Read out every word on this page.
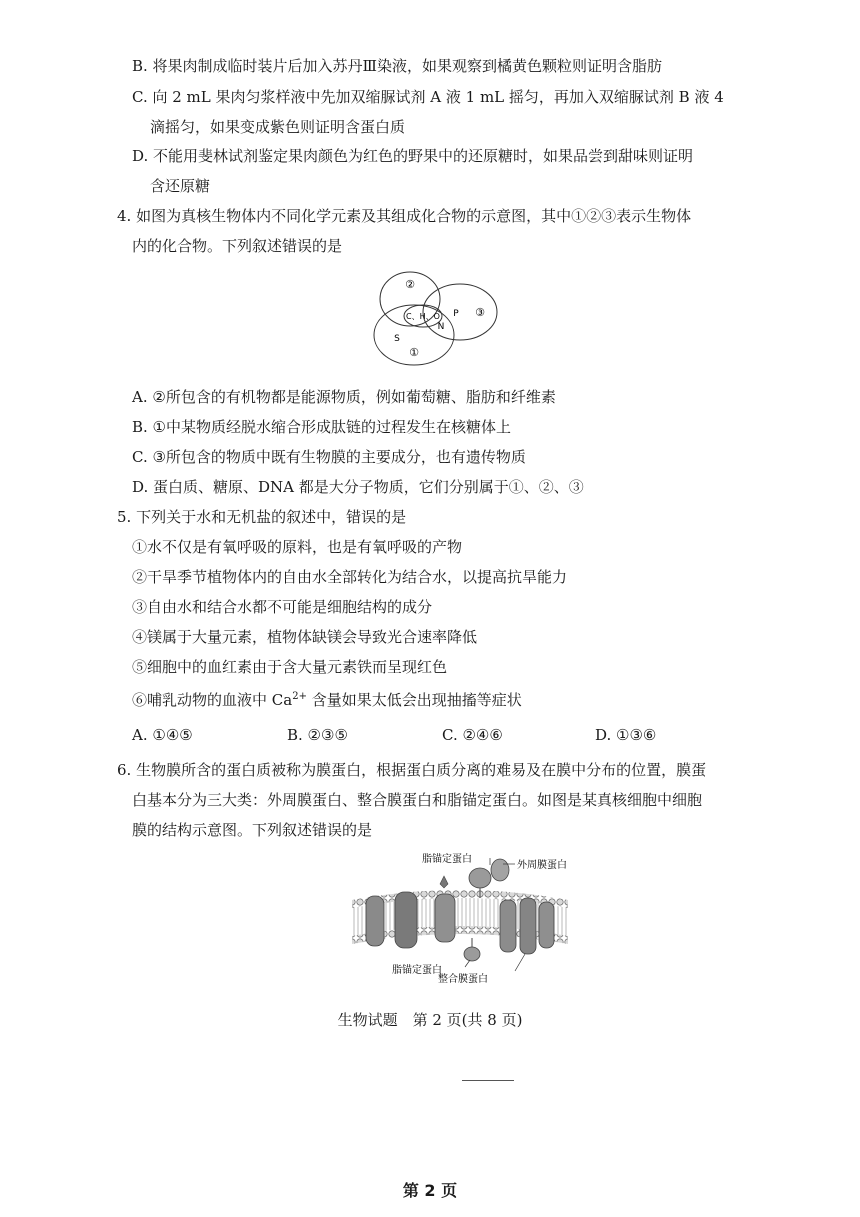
B. 将果肉制成临时装片后加入苏丹Ⅲ染液，如果观察到橘黄色颗粒则证明含脂肪
C. 向 2 mL 果肉匀浆样液中先加双缩脲试剂 A 液 1 mL 摇匀，再加入双缩脲试剂 B 液 4
滴摇匀，如果变成紫色则证明含蛋白质
D. 不能用斐林试剂鉴定果肉颜色为红色的野果中的还原糖时，如果品尝到甜味则证明
含还原糖
4. 如图为真核生物体内不同化学元素及其组成化合物的示意图，其中①②③表示生物体
内的化合物。下列叙述错误的是
②
③
①
C、H、O
N
P
S
A. ②所包含的有机物都是能源物质，例如葡萄糖、脂肪和纤维素
B. ①中某物质经脱水缩合形成肽链的过程发生在核糖体上
C. ③所包含的物质中既有生物膜的主要成分，也有遗传物质
D. 蛋白质、糖原、DNA 都是大分子物质，它们分别属于①、②、③
5. 下列关于水和无机盐的叙述中，错误的是
①水不仅是有氧呼吸的原料，也是有氧呼吸的产物
②干旱季节植物体内的自由水全部转化为结合水，以提高抗旱能力
③自由水和结合水都不可能是细胞结构的成分
④镁属于大量元素，植物体缺镁会导致光合速率降低
⑤细胞中的血红素由于含大量元素铁而呈现红色
⑥哺乳动物的血液中 $Ca^{2+}$ 含量如果太低会出现抽搐等症状
A. ①④⑤	B. ②③⑤	C. ②④⑥	D. ①③⑥
6. 生物膜所含的蛋白质被称为膜蛋白，根据蛋白质分离的难易及在膜中分布的位置，膜蛋
白基本分为三大类：外周膜蛋白、整合膜蛋白和脂锚定蛋白。如图是某真核细胞中细胞
膜的结构示意图。下列叙述错误的是
脂锚定蛋白
外周膜蛋白
脂锚定蛋白
整合膜蛋白
生物试题　第 2 页(共 8 页)
第 2 页
